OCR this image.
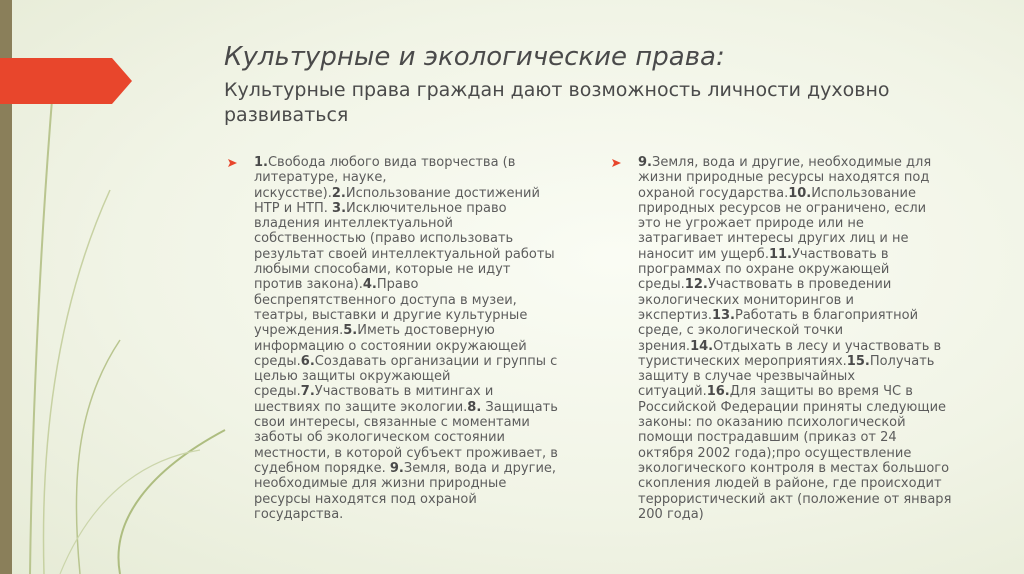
Культурные и экологические права:

Культурные права граждан дают возможность личности духовно развиваться

1.Свобода любого вида творчества (в литературе, науке, искусстве).2.Использование достижений НТР и НТП. 3.Исключительное право владения интеллектуальной собственностью (право использовать результат своей интеллектуальной работы любыми способами, которые не идут против закона).4.Право беспрепятственного доступа в музеи, театры, выставки и другие культурные учреждения.5.Иметь достоверную информацию о состоянии окружающей среды.6.Создавать организации и группы с целью защиты окружающей среды.7.Участвовать в митингах и шествиях по защите экологии.8. Защищать свои интересы, связанные с моментами заботы об экологическом состоянии местности, в которой субъект проживает, в судебном порядке. 9.Земля, вода и другие, необходимые для жизни природные ресурсы находятся под охраной государства.
9.Земля, вода и другие, необходимые для жизни природные ресурсы находятся под охраной государства.10.Использование природных ресурсов не ограничено, если это не угрожает природе или не затрагивает интересы других лиц и не наносит им ущерб.11.Участвовать в программах по охране окружающей среды.12.Участвовать в проведении экологических мониторингов и экспертиз.13.Работать в благоприятной среде, с экологической точки зрения.14.Отдыхать в лесу и участвовать в туристических мероприятиях.15.Получать защиту в случае чрезвычайных ситуаций.16.Для защиты во время ЧС в Российской Федерации приняты следующие законы: по оказанию психологической помощи пострадавшим (приказ от 24 октября 2002 года);про осуществление экологического контроля в местах большого скопления людей в районе, где происходит террористический акт (положение от января 200 года)
